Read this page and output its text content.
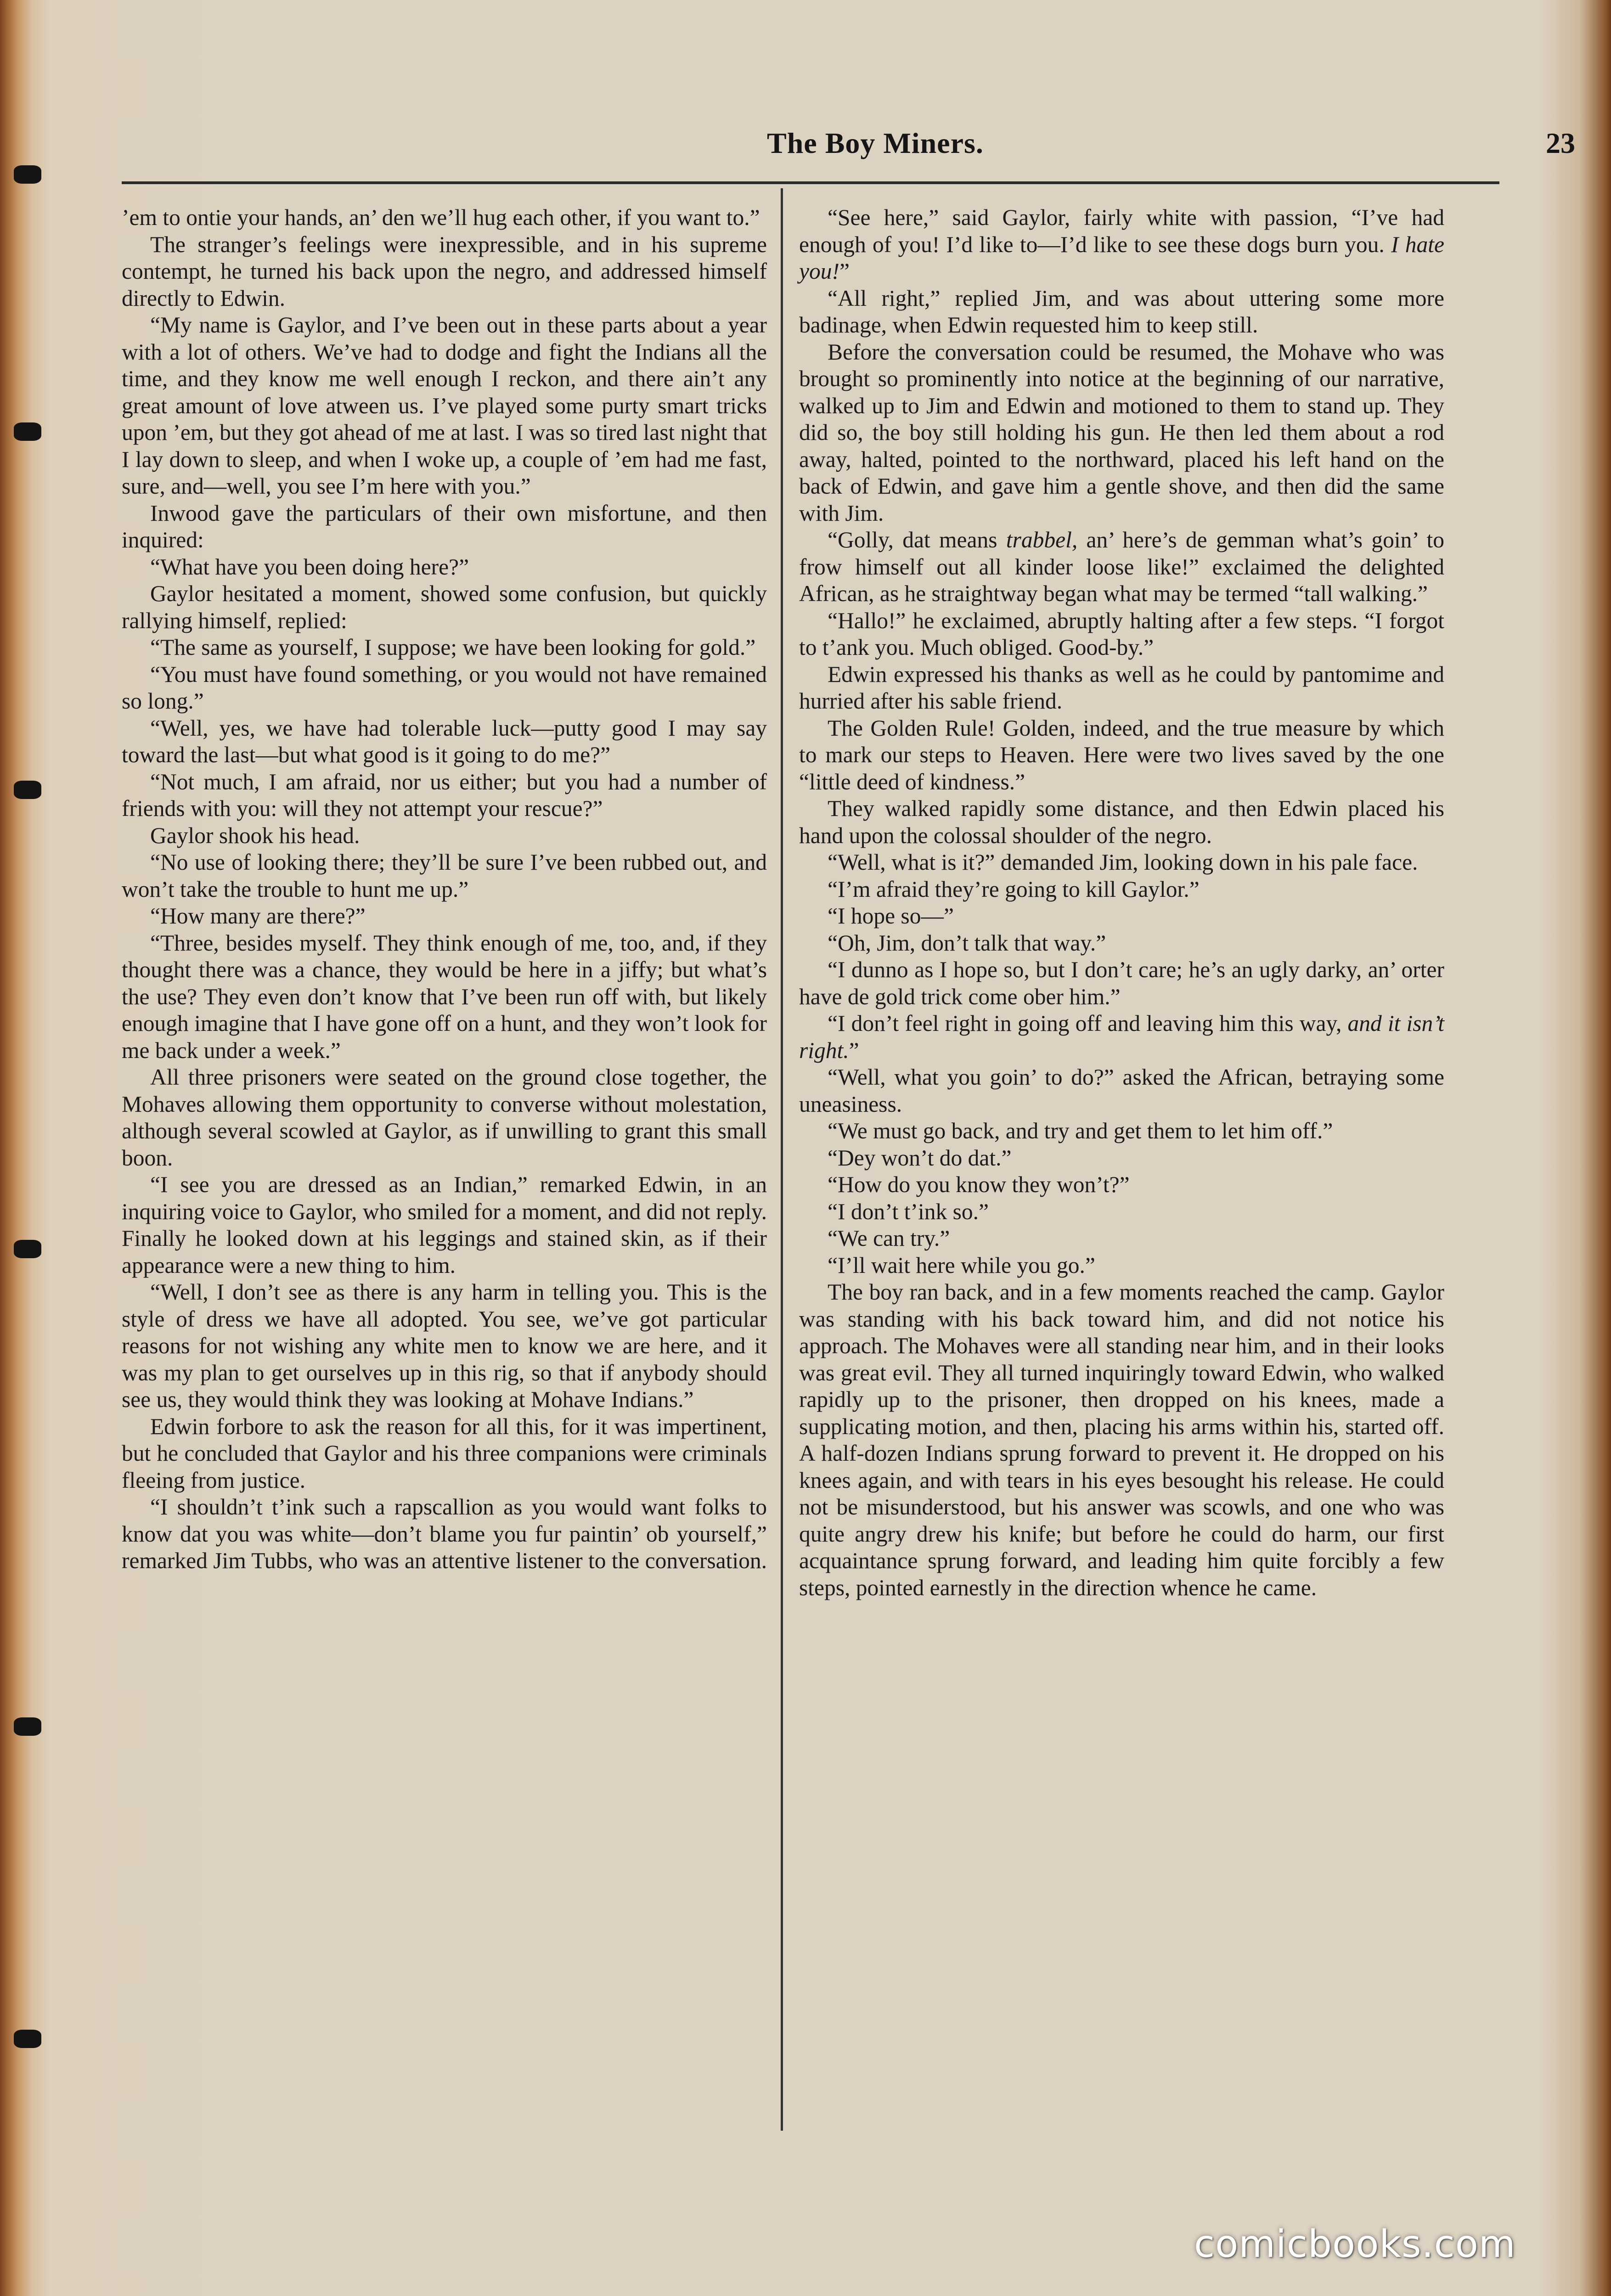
The Boy Miners.	23

’em to ontie your hands, an’ den we’ll hug each other, if you want to.”

The stranger’s feelings were inexpressible, and in his supreme contempt, he turned his back upon the negro, and addressed himself directly to Edwin.

“My name is Gaylor, and I’ve been out in these parts about a year with a lot of others. We’ve had to dodge and fight the Indians all the time, and they know me well enough I reckon, and there ain’t any great amount of love atween us. I’ve played some purty smart tricks upon ’em, but they got ahead of me at last. I was so tired last night that I lay down to sleep, and when I woke up, a couple of ’em had me fast, sure, and—well, you see I’m here with you.”

Inwood gave the particulars of their own misfortune, and then inquired:

“What have you been doing here?”

Gaylor hesitated a moment, showed some confusion, but quickly rallying himself, replied:

“The same as yourself, I suppose; we have been looking for gold.”

“You must have found something, or you would not have remained so long.”

“Well, yes, we have had tolerable luck—putty good I may say toward the last—but what good is it going to do me?”

“Not much, I am afraid, nor us either; but you had a number of friends with you: will they not attempt your rescue?”

Gaylor shook his head.

“No use of looking there; they’ll be sure I’ve been rubbed out, and won’t take the trouble to hunt me up.”

“How many are there?”

“Three, besides myself. They think enough of me, too, and, if they thought there was a chance, they would be here in a jiffy; but what’s the use? They even don’t know that I’ve been run off with, but likely enough imagine that I have gone off on a hunt, and they won’t look for me back under a week.”

All three prisoners were seated on the ground close together, the Mohaves allowing them opportunity to converse without molestation, although several scowled at Gaylor, as if unwilling to grant this small boon.

“I see you are dressed as an Indian,” remarked Edwin, in an inquiring voice to Gaylor, who smiled for a moment, and did not reply. Finally he looked down at his leggings and stained skin, as if their appearance were a new thing to him.

“Well, I don’t see as there is any harm in telling you. This is the style of dress we have all adopted. You see, we’ve got particular reasons for not wishing any white men to know we are here, and it was my plan to get ourselves up in this rig, so that if anybody should see us, they would think they was looking at Mohave Indians.”

Edwin forbore to ask the reason for all this, for it was impertinent, but he concluded that Gaylor and his three companions were criminals fleeing from justice.

“I shouldn’t t’ink such a rapscallion as you would want folks to know dat you was white—don’t blame you fur paintin’ ob yourself,” remarked Jim Tubbs, who was an attentive listener to the conversation.

“See here,” said Gaylor, fairly white with passion, “I’ve had enough of you! I’d like to—I’d like to see these dogs burn you. I hate you!”

“All right,” replied Jim, and was about uttering some more badinage, when Edwin requested him to keep still.

Before the conversation could be resumed, the Mohave who was brought so prominently into notice at the beginning of our narrative, walked up to Jim and Edwin and motioned to them to stand up. They did so, the boy still holding his gun. He then led them about a rod away, halted, pointed to the northward, placed his left hand on the back of Edwin, and gave him a gentle shove, and then did the same with Jim.

“Golly, dat means trabbel, an’ here’s de gemman what’s goin’ to frow himself out all kinder loose like!” exclaimed the delighted African, as he straightway began what may be termed “tall walking.”

“Hallo!” he exclaimed, abruptly halting after a few steps. “I forgot to t’ank you. Much obliged. Good-by.”

Edwin expressed his thanks as well as he could by pantomime and hurried after his sable friend.

The Golden Rule! Golden, indeed, and the true measure by which to mark our steps to Heaven. Here were two lives saved by the one “little deed of kindness.”

They walked rapidly some distance, and then Edwin placed his hand upon the colossal shoulder of the negro.

“Well, what is it?” demanded Jim, looking down in his pale face.

“I’m afraid they’re going to kill Gaylor.”

“I hope so—”

“Oh, Jim, don’t talk that way.”

“I dunno as I hope so, but I don’t care; he’s an ugly darky, an’ orter have de gold trick come ober him.”

“I don’t feel right in going off and leaving him this way, and it isn’t right.”

“Well, what you goin’ to do?” asked the African, betraying some uneasiness.

“We must go back, and try and get them to let him off.”

“Dey won’t do dat.”

“How do you know they won’t?”

“I don’t t’ink so.”

“We can try.”

“I’ll wait here while you go.”

The boy ran back, and in a few moments reached the camp. Gaylor was standing with his back toward him, and did not notice his approach. The Mohaves were all standing near him, and in their looks was great evil. They all turned inquiringly toward Edwin, who walked rapidly up to the prisoner, then dropped on his knees, made a supplicating motion, and then, placing his arms within his, started off. A half-dozen Indians sprung forward to prevent it. He dropped on his knees again, and with tears in his eyes besought his release. He could not be misunderstood, but his answer was scowls, and one who was quite angry drew his knife; but before he could do harm, our first acquaintance sprung forward, and leading him quite forcibly a few steps, pointed earnestly in the direction whence he came.

comicbooks.com
